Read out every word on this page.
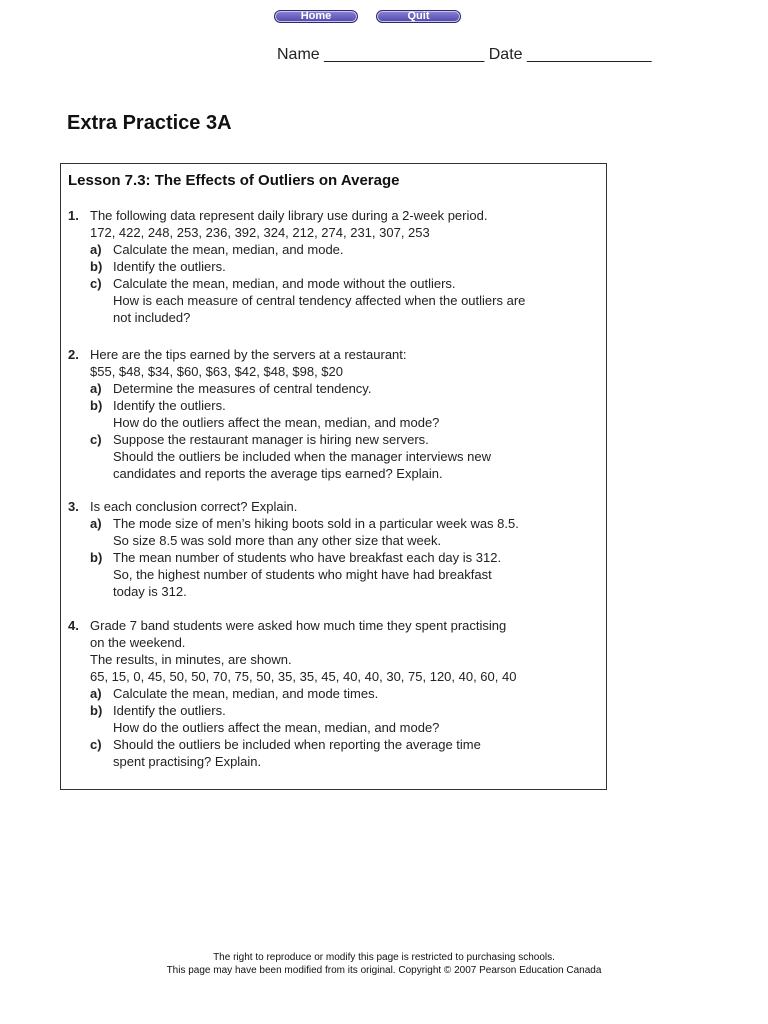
Home	Quit
Name __________________ Date ______________
Extra Practice 3A
Lesson 7.3: The Effects of Outliers on Average
1. The following data represent daily library use during a 2-week period.
172, 422, 248, 253, 236, 392, 324, 212, 274, 231, 307, 253
a) Calculate the mean, median, and mode.
b) Identify the outliers.
c) Calculate the mean, median, and mode without the outliers.
How is each measure of central tendency affected when the outliers are
not included?
2. Here are the tips earned by the servers at a restaurant:
$55, $48, $34, $60, $63, $42, $48, $98, $20
a) Determine the measures of central tendency.
b) Identify the outliers.
How do the outliers affect the mean, median, and mode?
c) Suppose the restaurant manager is hiring new servers.
Should the outliers be included when the manager interviews new
candidates and reports the average tips earned? Explain.
3. Is each conclusion correct? Explain.
a) The mode size of men’s hiking boots sold in a particular week was 8.5.
So size 8.5 was sold more than any other size that week.
b) The mean number of students who have breakfast each day is 312.
So, the highest number of students who might have had breakfast
today is 312.
4. Grade 7 band students were asked how much time they spent practising
on the weekend.
The results, in minutes, are shown.
65, 15, 0, 45, 50, 50, 70, 75, 50, 35, 35, 45, 40, 40, 30, 75, 120, 40, 60, 40
a) Calculate the mean, median, and mode times.
b) Identify the outliers.
How do the outliers affect the mean, median, and mode?
c) Should the outliers be included when reporting the average time
spent practising? Explain.
The right to reproduce or modify this page is restricted to purchasing schools.
This page may have been modified from its original. Copyright © 2007 Pearson Education Canada
